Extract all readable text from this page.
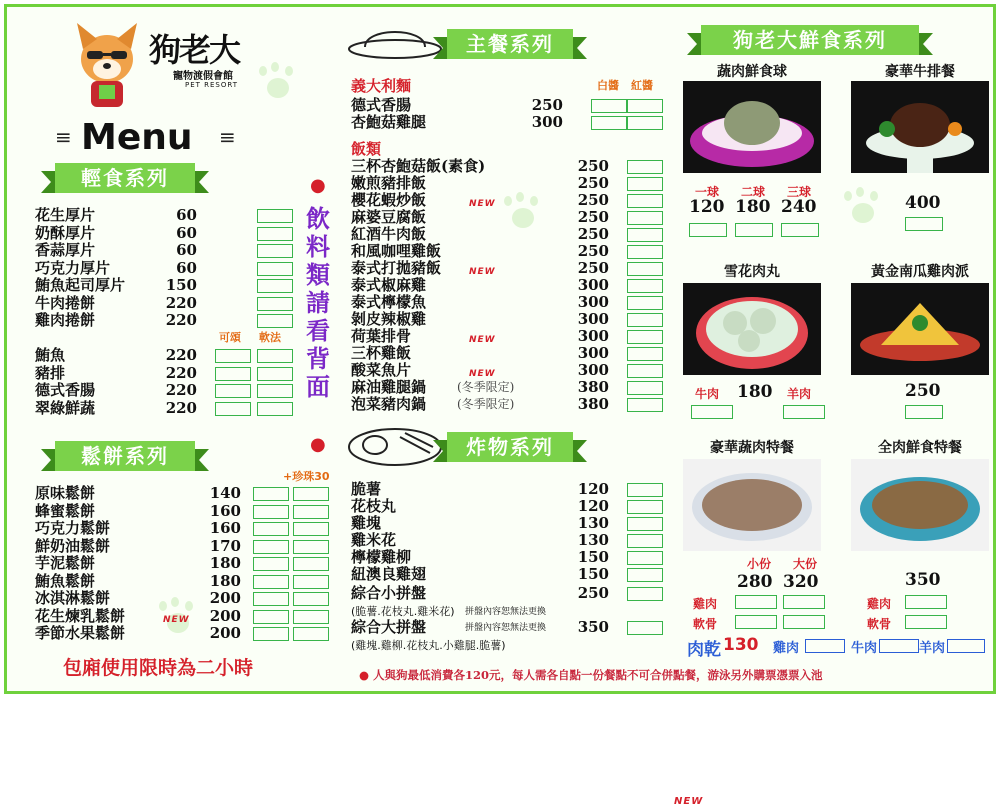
狗老大
寵物渡假會館
PET RESORT
Menu
≡	≡
輕食系列
花生厚片	60
奶酥厚片	60
香蒜厚片	60
巧克力厚片	60
鮪魚起司厚片	150
牛肉捲餅	220
雞肉捲餅	220
鮪魚	220
豬排	220
德式香腸	220
翠綠鮮蔬	220
可頌 軟法
飲料類請看背面
●
●
鬆餅系列
+珍珠30
原味鬆餅	140
蜂蜜鬆餅	160
巧克力鬆餅	160
鮮奶油鬆餅	170
芋泥鬆餅	180
鮪魚鬆餅	180
冰淇淋鬆餅	200
花生煉乳鬆餅	NEW	200
季節水果鬆餅	200
包廂使用限時為二小時
主餐系列
義大利麵	白醬 紅醬
德式香腸	250
杏鮑菇雞腿	300
飯類
三杯杏鮑菇飯(素食)	250
嫩煎豬排飯	250
櫻花蝦炒飯	NEW	250
麻婆豆腐飯	250
紅酒牛肉飯	250
和風咖哩雞飯	250
泰式打拋豬飯	NEW	250
泰式椒麻雞	300
泰式檸檬魚	300
剝皮辣椒雞	300
荷葉排骨	NEW	300
三杯雞飯	300
酸菜魚片	NEW	300
麻油雞腿鍋	(冬季限定)	380
泡菜豬肉鍋	(冬季限定)	380
炸物系列
脆薯	120
花枝丸	120
雞塊	130
雞米花	130
檸檬雞柳	150
紐澳良雞翅	150
綜合小拼盤	250
(脆薯.花枝丸.雞米花) 拼盤內容恕無法更換
綜合大拼盤	350
拼盤內容恕無法更換
(雞塊.雞柳.花枝丸.小雞腿.脆薯)
狗老大鮮食系列
蔬肉鮮食球	豪華牛排餐
一球 二球 三球
120 180 240	400
雪花肉丸	黃金南瓜雞肉派
牛肉 180 羊肉	250
豪華蔬肉特餐	全肉鮮食特餐
小份 大份
280 320
雞肉
軟骨
350
雞肉
軟骨
肉乾 130 雞肉	牛肉	羊肉
● 人與狗最低消費各120元，每人需各自點一份餐點不可合併點餐，游泳另外購票憑票入池
NEW
